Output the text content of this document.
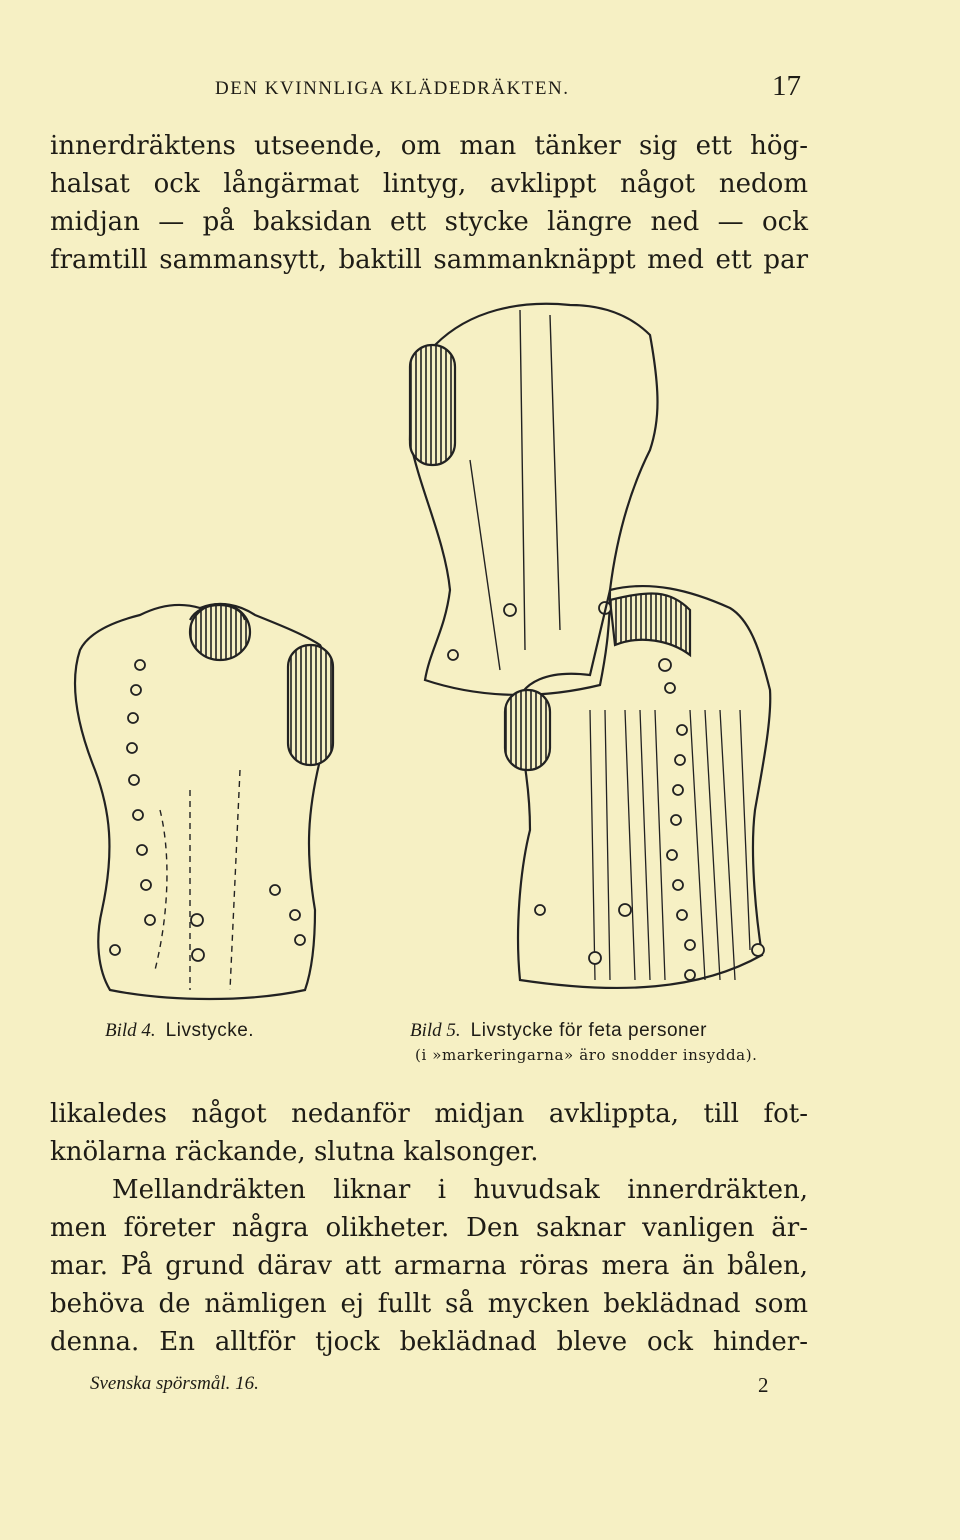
DEN KVINNLIGA KLÄDEDRÄKTEN.	17
innerdräktens utseende, om man tänker sig ett hög-
halsat ock långärmat lintyg, avklippt något nedom
midjan — på baksidan ett stycke längre ned — ock
framtill sammansytt, baktill sammanknäppt med ett par
Bild 4. Livstycke.	Bild 5. Livstycke för feta personer
(i »markeringarna» äro snodder insydda).
likaledes något nedanför midjan avklippta, till fot-
knölarna räckande, slutna kalsonger.
Mellandräkten liknar i huvudsak innerdräkten,
men företer några olikheter. Den saknar vanligen är-
mar. På grund därav att armarna röras mera än bålen,
behöva de nämligen ej fullt så mycken beklädnad som
denna. En alltför tjock beklädnad bleve ock hinder-
Svenska spörsmål. 16.	2
